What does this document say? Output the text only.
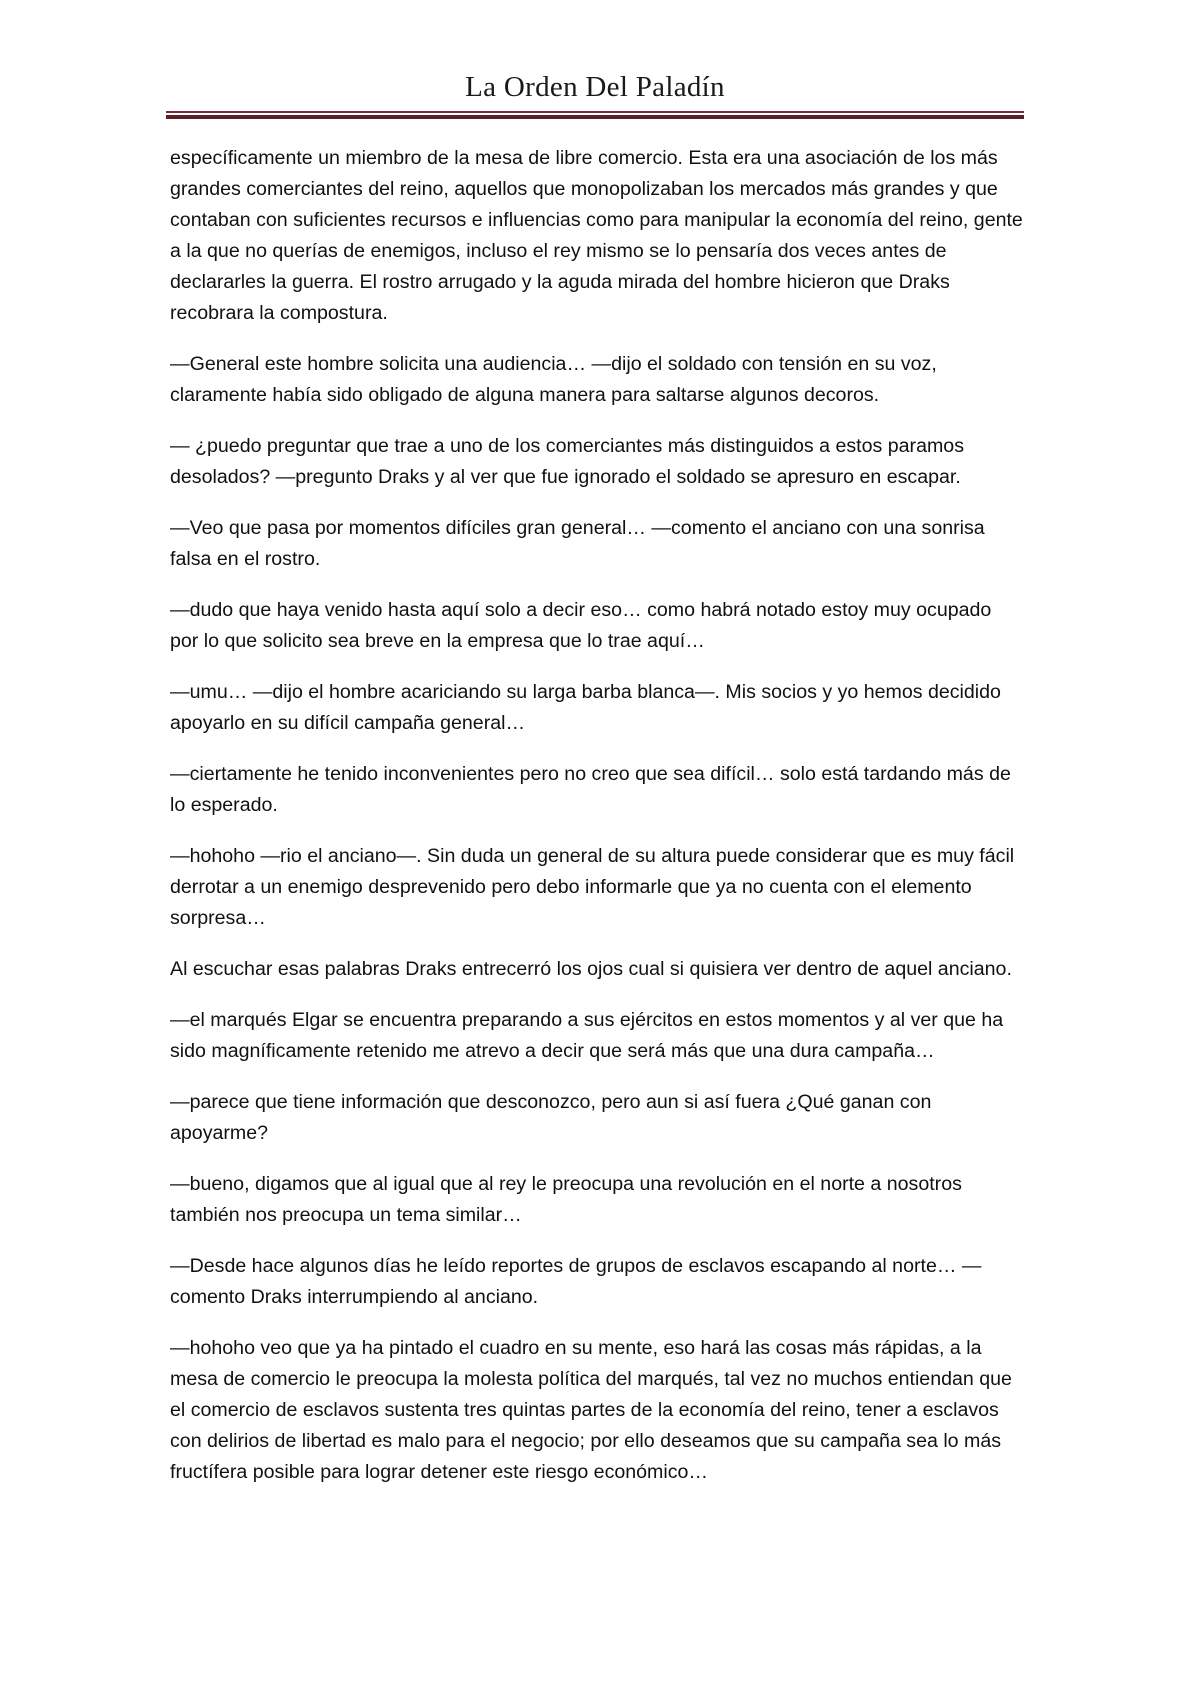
La Orden Del Paladín

específicamente un miembro de la mesa de libre comercio. Esta era una asociación de los más grandes comerciantes del reino, aquellos que monopolizaban los mercados más grandes y que contaban con suficientes recursos e influencias como para manipular la economía del reino, gente a la que no querías de enemigos, incluso el rey mismo se lo pensaría dos veces antes de declararles la guerra. El rostro arrugado y la aguda mirada del hombre hicieron que Draks recobrara la compostura.

—General este hombre solicita una audiencia… —dijo el soldado con tensión en su voz, claramente había sido obligado de alguna manera para saltarse algunos decoros.

— ¿puedo preguntar que trae a uno de los comerciantes más distinguidos a estos paramos desolados? —pregunto Draks y al ver que fue ignorado el soldado se apresuro en escapar.

—Veo que pasa por momentos difíciles gran general… —comento el anciano con una sonrisa falsa en el rostro.

—dudo que haya venido hasta aquí solo a decir eso… como habrá notado estoy muy ocupado por lo que solicito sea breve en la empresa que lo trae aquí…

—umu… —dijo el hombre acariciando su larga barba blanca—. Mis socios y yo hemos decidido apoyarlo en su difícil campaña general…

—ciertamente he tenido inconvenientes pero no creo que sea difícil… solo está tardando más de lo esperado.

—hohoho —rio el anciano—. Sin duda un general de su altura puede considerar que es muy fácil derrotar a un enemigo desprevenido pero debo informarle que ya no cuenta con el elemento sorpresa…

Al escuchar esas palabras Draks entrecerró los ojos cual si quisiera ver dentro de aquel anciano.

—el marqués Elgar se encuentra preparando a sus ejércitos en estos momentos y al ver que ha sido magníficamente retenido me atrevo a decir que será más que una dura campaña…

—parece que tiene información que desconozco, pero aun si así fuera ¿Qué ganan con apoyarme?

—bueno, digamos que al igual que al rey le preocupa una revolución en el norte a nosotros también nos preocupa un tema similar…

—Desde hace algunos días he leído reportes de grupos de esclavos escapando al norte… — comento Draks interrumpiendo al anciano.

—hohoho veo que ya ha pintado el cuadro en su mente, eso hará las cosas más rápidas, a la mesa de comercio le preocupa la molesta política del marqués, tal vez no muchos entiendan que el comercio de esclavos sustenta tres quintas partes de la economía del reino, tener a esclavos con delirios de libertad es malo para el negocio; por ello deseamos que su campaña sea lo más fructífera posible para lograr detener este riesgo económico…
